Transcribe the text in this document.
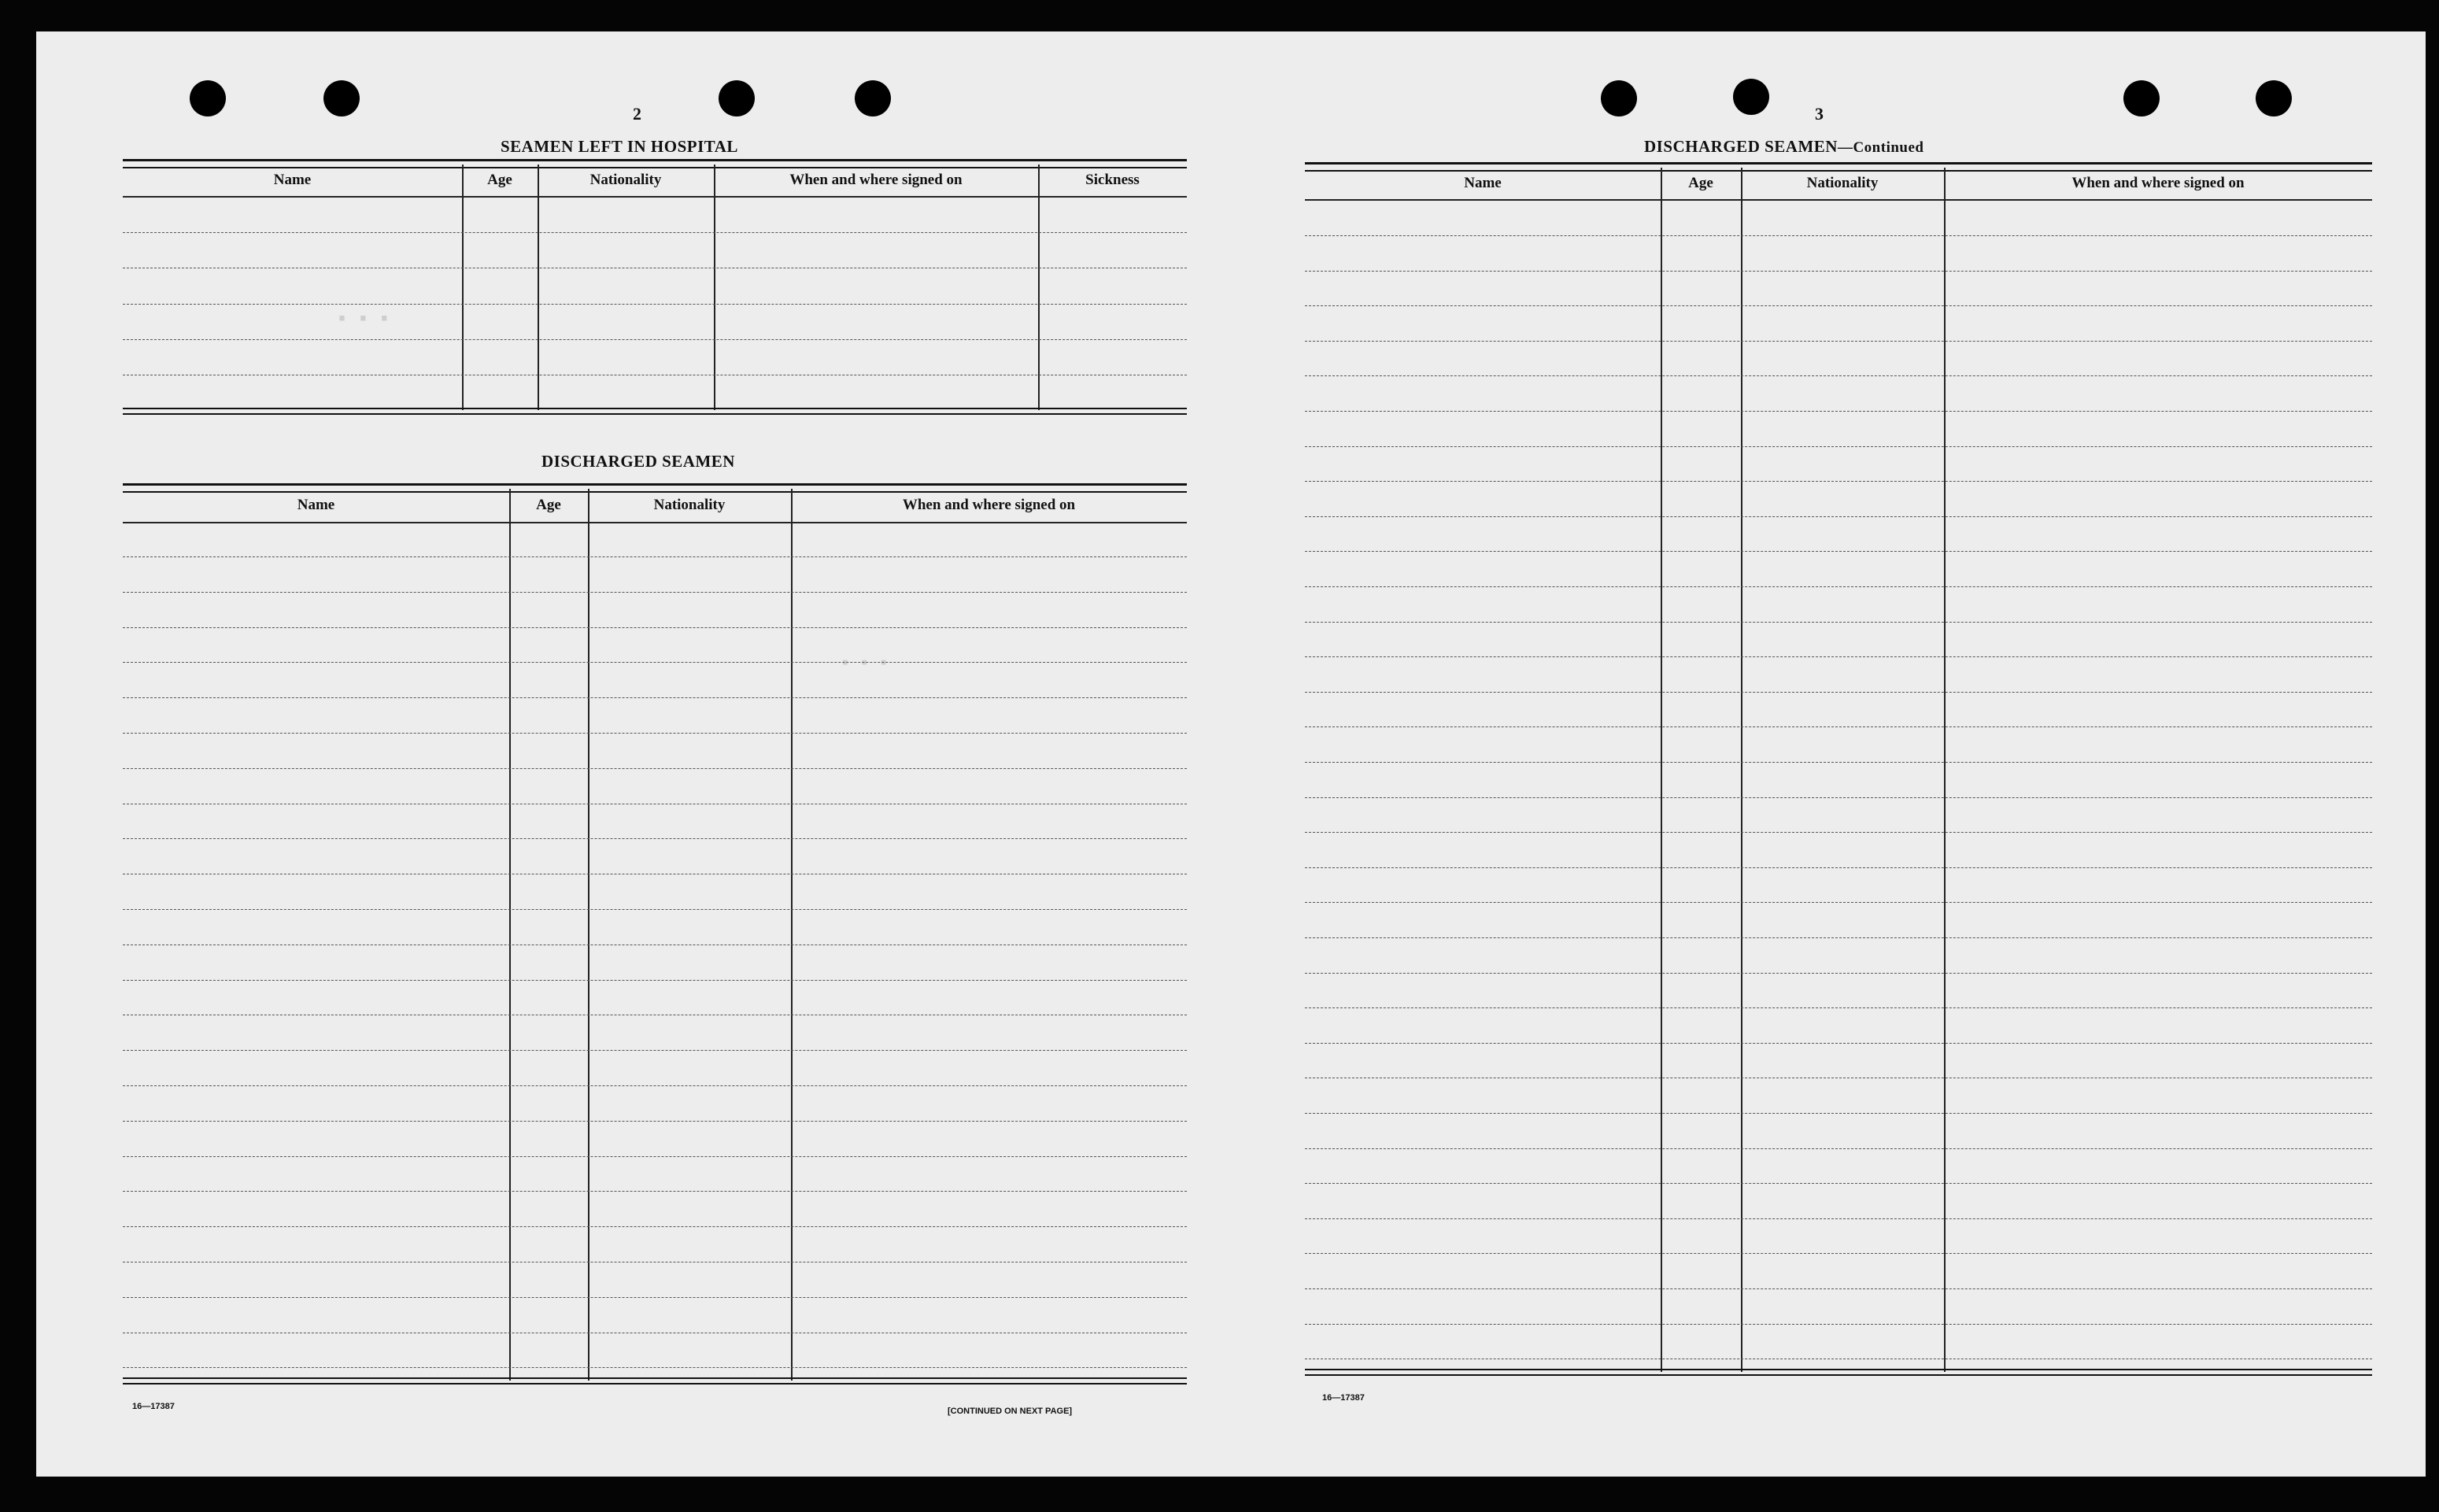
· · ·
· · ·
2
SEAMEN LEFT IN HOSPITAL
Name	Age	Nationality	When and where signed on	Sickness
DISCHARGED SEAMEN
Name	Age	Nationality	When and where signed on
16—17387	[CONTINUED ON NEXT PAGE]
3
DISCHARGED SEAMEN—Continued
Name	Age	Nationality	When and where signed on
16—17387
